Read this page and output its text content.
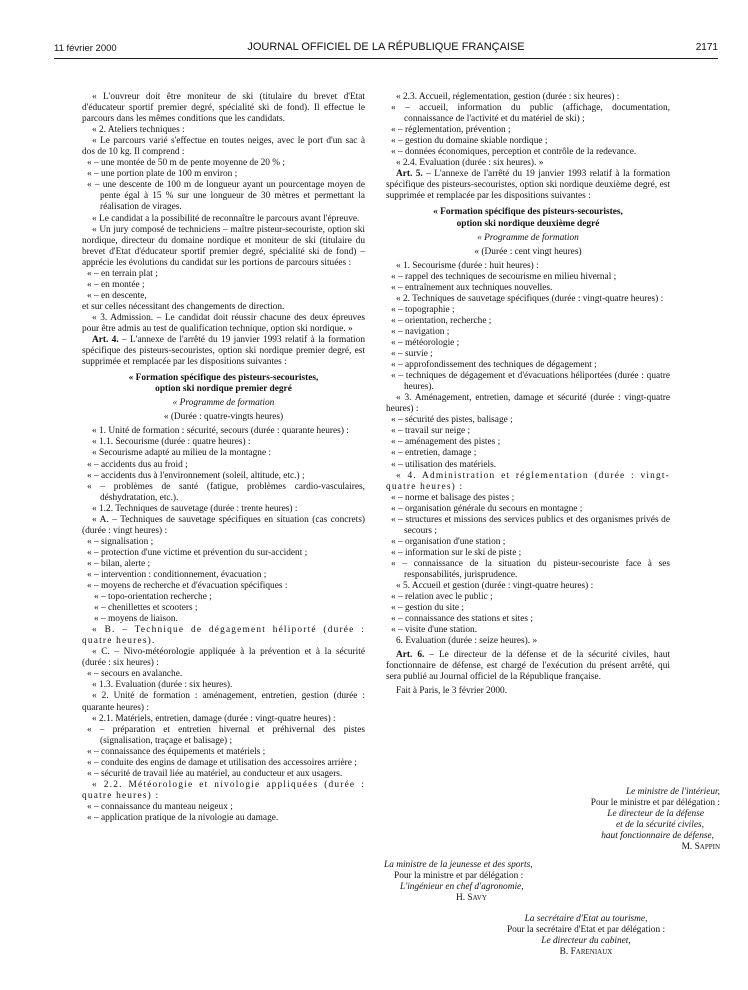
11 février 2000	JOURNAL OFFICIEL DE LA RÉPUBLIQUE FRANÇAISE	2171

« L'ouvreur doit être moniteur de ski (titulaire du brevet d'Etat d'éducateur sportif premier degré, spécialité ski de fond). Il effectue le parcours dans les mêmes conditions que les candidats.

« 2. Ateliers techniques :

« Le parcours varié s'effectue en toutes neiges, avec le port d'un sac à dos de 10 kg. Il comprend :

« – une montée de 50 m de pente moyenne de 20 % ;

« – une portion plate de 100 m environ ;

« – une descente de 100 m de longueur ayant un pourcentage moyen de pente égal à 15 % sur une longueur de 30 mètres et permettant la réalisation de virages.

« Le candidat a la possibilité de reconnaître le parcours avant l'épreuve.

« Un jury composé de techniciens – maître pisteur-secouriste, option ski nordique, directeur du domaine nordique et moniteur de ski (titulaire du brevet d'Etat d'éducateur sportif premier degré, spécialité ski de fond) – apprécie les évolutions du candidat sur les portions de parcours situées :

« – en terrain plat ;

« – en montée ;

« – en descente,

et sur celles nécessitant des changements de direction.

« 3. Admission. – Le candidat doit réussir chacune des deux épreuves pour être admis au test de qualification technique, option ski nordique. »

Art. 4. – L'annexe de l'arrêté du 19 janvier 1993 relatif à la formation spécifique des pisteurs-secouristes, option ski nordique premier degré, est supprimée et remplacée par les dispositions suivantes :

« Formation spécifique des pisteurs-secouristes,

option ski nordique premier degré

« Programme de formation

« (Durée : quatre-vingts heures)

« 1. Unité de formation : sécurité, secours (durée : quarante heures) :

« 1.1. Secourisme (durée : quatre heures) :

« Secourisme adapté au milieu de la montagne :

« – accidents dus au froid ;

« – accidents dus à l'environnement (soleil, altitude, etc.) ;

« – problèmes de santé (fatigue, problèmes cardio-vasculaires, déshydratation, etc.).

« 1.2. Techniques de sauvetage (durée : trente heures) :

« A. – Techniques de sauvetage spécifiques en situation (cas concrets) (durée : vingt heures) :

« – signalisation ;

« – protection d'une victime et prévention du sur-accident ;

« – bilan, alerte ;

« – intervention : conditionnement, évacuation ;

« – moyens de recherche et d'évacuation spécifiques :

« – topo-orientation recherche ;

« – chenillettes et scooters ;

« – moyens de liaison.

« B. – Technique de dégagement héliporté (durée : quatre heures).

« C. – Nivo-météorologie appliquée à la prévention et à la sécurité (durée : six heures) :

« – secours en avalanche.

« 1.3. Evaluation (durée : six heures).

« 2. Unité de formation : aménagement, entretien, gestion (durée : quarante heures) :

« 2.1. Matériels, entretien, damage (durée : vingt-quatre heures) :

« – préparation et entretien hivernal et préhivernal des pistes (signalisation, traçage et balisage) ;

« – connaissance des équipements et matériels ;

« – conduite des engins de damage et utilisation des accessoires arrière ;

« – sécurité de travail liée au matériel, au conducteur et aux usagers.

« 2.2. Météorologie et nivologie appliquées (durée : quatre heures) :

« – connaissance du manteau neigeux ;

« – application pratique de la nivologie au damage.

« 2.3. Accueil, réglementation, gestion (durée : six heures) :

« – accueil, information du public (affichage, documentation, connaissance de l'activité et du matériel de ski) ;

« – réglementation, prévention ;

« – gestion du domaine skiable nordique ;

« – données économiques, perception et contrôle de la redevance.

« 2.4. Evaluation (durée : six heures). »

Art. 5. – L'annexe de l'arrêté du 19 janvier 1993 relatif à la formation spécifique des pisteurs-secouristes, option ski nordique deuxième degré, est supprimée et remplacée par les dispositions suivantes :

« Formation spécifique des pisteurs-secouristes,

option ski nordique deuxième degré

« Programme de formation

« (Durée : cent vingt heures)

« 1. Secourisme (durée : huit heures) :

« – rappel des techniques de secourisme en milieu hivernal ;

« – entraînement aux techniques nouvelles.

« 2. Techniques de sauvetage spécifiques (durée : vingt-quatre heures) :

« – topographie ;

« – orientation, recherche ;

« – navigation ;

« – météorologie ;

« – survie ;

« – approfondissement des techniques de dégagement ;

« – techniques de dégagement et d'évacuations héliportées (durée : quatre heures).

« 3. Aménagement, entretien, damage et sécurité (durée : vingt-quatre heures) :

« – sécurité des pistes, balisage ;

« – travail sur neige ;

« – aménagement des pistes ;

« – entretien, damage ;

« – utilisation des matériels.

« 4. Administration et réglementation (durée : vingt-quatre heures) :

« – norme et balisage des pistes ;

« – organisation générale du secours en montagne ;

« – structures et missions des services publics et des organismes privés de secours ;

« – organisation d'une station ;

« – information sur le ski de piste ;

« – connaissance de la situation du pisteur-secouriste face à ses responsabilités, jurisprudence.

« 5. Accueil et gestion (durée : vingt-quatre heures) :

« – relation avec le public ;

« – gestion du site ;

« – connaissance des stations et sites ;

« – visite d'une station.

6. Evaluation (durée : seize heures). »

Art. 6. – Le directeur de la défense et de la sécurité civiles, haut fonctionnaire de défense, est chargé de l'exécution du présent arrêté, qui sera publié au Journal officiel de la République française.

Fait à Paris, le 3 février 2000.

Le ministre de l'intérieur,
Pour le ministre et par délégation :
Le directeur de la défense
et de la sécurité civiles,
haut fonctionnaire de défense,
M. Sappin
La ministre de la jeunesse et des sports,
Pour la ministre et par délégation :
L'ingénieur en chef d'agronomie,
H. Savy
La secrétaire d'Etat au tourisme,
Pour la secrétaire d'Etat et par délégation :
Le directeur du cabinet,
B. Fareniaux
